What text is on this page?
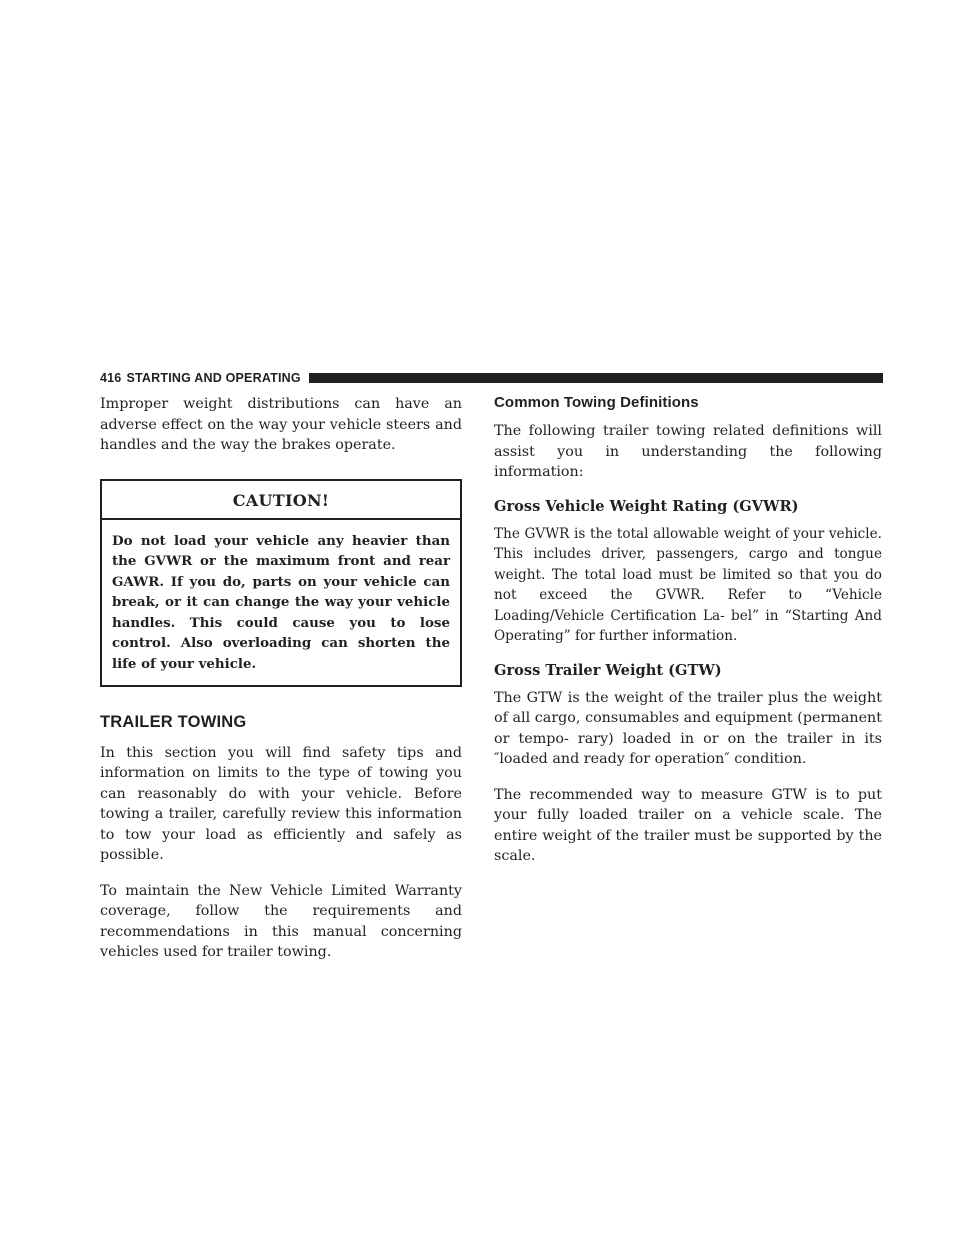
416 STARTING AND OPERATING

Improper weight distributions can have an adverse effect on the way your vehicle steers and handles and the way the brakes operate.

CAUTION!

Do not load your vehicle any heavier than the GVWR or the maximum front and rear GAWR. If you do, parts on your vehicle can break, or it can change the way your vehicle handles. This could cause you to lose control. Also overloading can shorten the life of your vehicle.

TRAILER TOWING

In this section you will find safety tips and information on limits to the type of towing you can reasonably do with your vehicle. Before towing a trailer, carefully review this information to tow your load as efficiently and safely as possible.

To maintain the New Vehicle Limited Warranty coverage, follow the requirements and recommendations in this manual concerning vehicles used for trailer towing.

Common Towing Definitions

The following trailer towing related definitions will assist you in understanding the following information:

Gross Vehicle Weight Rating (GVWR)

The GVWR is the total allowable weight of your vehicle. This includes driver, passengers, cargo and tongue weight. The total load must be limited so that you do not exceed the GVWR. Refer to “Vehicle Loading/Vehicle Certification La- bel” in “Starting And Operating” for further information.

Gross Trailer Weight (GTW)

The GTW is the weight of the trailer plus the weight of all cargo, consumables and equipment (permanent or tempo- rary) loaded in or on the trailer in its ″loaded and ready for operation″ condition.

The recommended way to measure GTW is to put your fully loaded trailer on a vehicle scale. The entire weight of the trailer must be supported by the scale.
